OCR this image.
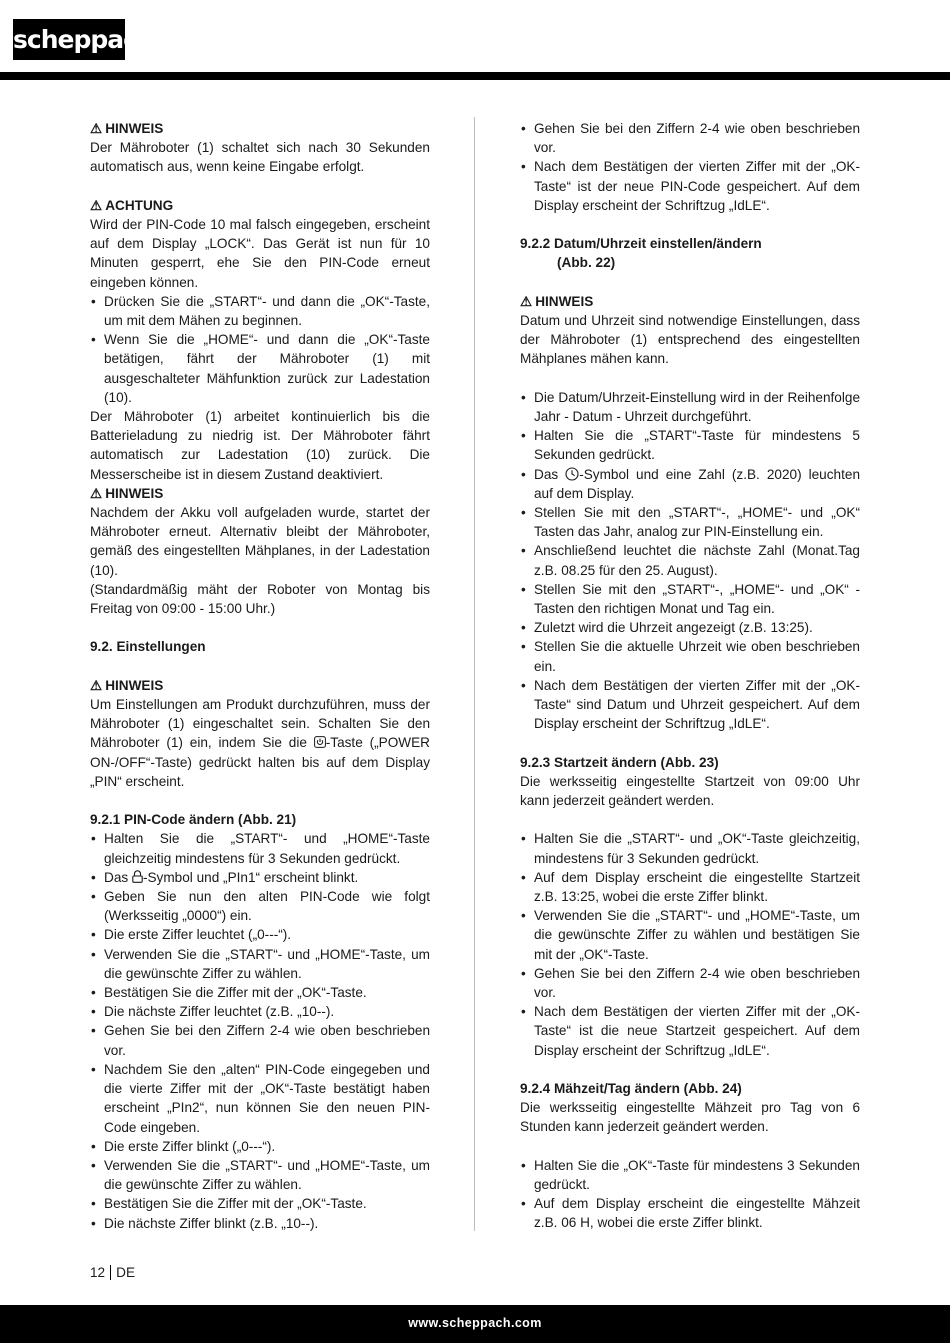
scheppach
⚠ HINWEIS

Der Mähroboter (1) schaltet sich nach 30 Sekunden automatisch aus, wenn keine Eingabe erfolgt.

⚠ ACHTUNG

Wird der PIN-Code 10 mal falsch eingegeben, erscheint auf dem Display „LOCK“. Das Gerät ist nun für 10 Minuten gesperrt, ehe Sie den PIN-Code erneut eingeben können.

• Drücken Sie die „START“- und dann die „OK“-Taste, um mit dem Mähen zu beginnen.
• Wenn Sie die „HOME“- und dann die „OK“-Taste betätigen, fährt der Mähroboter (1) mit ausgeschalteter Mähfunktion zurück zur Ladestation (10).

Der Mähroboter (1) arbeitet kontinuierlich bis die Batterieladung zu niedrig ist. Der Mähroboter fährt automatisch zur Ladestation (10) zurück. Die Messerscheibe ist in diesem Zustand deaktiviert.

⚠ HINWEIS

Nachdem der Akku voll aufgeladen wurde, startet der Mähroboter erneut. Alternativ bleibt der Mähroboter, gemäß des eingestellten Mähplanes, in der Ladestation (10).

(Standardmäßig mäht der Roboter von Montag bis Freitag von 09:00 - 15:00 Uhr.)

9.2. Einstellungen
⚠ HINWEIS

Um Einstellungen am Produkt durchzuführen, muss der Mähroboter (1) eingeschaltet sein. Schalten Sie den Mähroboter (1) ein, indem Sie die -Taste („POWER ON-/OFF“-Taste) gedrückt halten bis auf dem Display „PIN“ erscheint.

9.2.1 PIN-Code ändern (Abb. 21)
• Halten Sie die „START“- und „HOME“-Taste gleichzeitig mindestens für 3 Sekunden gedrückt.
• Das -Symbol und „PIn1“ erscheint blinkt.
• Geben Sie nun den alten PIN-Code wie folgt (Werksseitig „0000“) ein.
• Die erste Ziffer leuchtet („0---“).
• Verwenden Sie die „START“- und „HOME“-Taste, um die gewünschte Ziffer zu wählen.
• Bestätigen Sie die Ziffer mit der „OK“-Taste.
• Die nächste Ziffer leuchtet (z.B. „10--).
• Gehen Sie bei den Ziffern 2-4 wie oben beschrieben vor.
• Nachdem Sie den „alten“ PIN-Code eingegeben und die vierte Ziffer mit der „OK“-Taste bestätigt haben erscheint „PIn2“, nun können Sie den neuen PIN-Code eingeben.
• Die erste Ziffer blinkt („0---“).
• Verwenden Sie die „START“- und „HOME“-Taste, um die gewünschte Ziffer zu wählen.
• Bestätigen Sie die Ziffer mit der „OK“-Taste.
• Die nächste Ziffer blinkt (z.B. „10--).
• Gehen Sie bei den Ziffern 2-4 wie oben beschrieben vor.
• Nach dem Bestätigen der vierten Ziffer mit der „OK-Taste“ ist der neue PIN-Code gespeichert. Auf dem Display erscheint der Schriftzug „IdLE“.
9.2.2 Datum/Uhrzeit einstellen/ändern
(Abb. 22)
⚠ HINWEIS

Datum und Uhrzeit sind notwendige Einstellungen, dass der Mähroboter (1) entsprechend des eingestellten Mähplanes mähen kann.

• Die Datum/Uhrzeit-Einstellung wird in der Reihenfolge Jahr - Datum - Uhrzeit durchgeführt.
• Halten Sie die „START“-Taste für mindestens 5 Sekunden gedrückt.
• Das -Symbol und eine Zahl (z.B. 2020) leuchten auf dem Display.
• Stellen Sie mit den „START“-, „HOME“- und „OK“ Tasten das Jahr, analog zur PIN-Einstellung ein.
• Anschließend leuchtet die nächste Zahl (Monat.Tag z.B. 08.25 für den 25. August).
• Stellen Sie mit den „START“-, „HOME“- und „OK“ - Tasten den richtigen Monat und Tag ein.
• Zuletzt wird die Uhrzeit angezeigt (z.B. 13:25).
• Stellen Sie die aktuelle Uhrzeit wie oben beschrieben ein.
• Nach dem Bestätigen der vierten Ziffer mit der „OK-Taste“ sind Datum und Uhrzeit gespeichert. Auf dem Display erscheint der Schriftzug „IdLE“.
9.2.3 Startzeit ändern (Abb. 23)

Die werksseitig eingestellte Startzeit von 09:00 Uhr kann jederzeit geändert werden.

• Halten Sie die „START“- und „OK“-Taste gleichzeitig, mindestens für 3 Sekunden gedrückt.
• Auf dem Display erscheint die eingestellte Startzeit z.B. 13:25, wobei die erste Ziffer blinkt.
• Verwenden Sie die „START“- und „HOME“-Taste, um die gewünschte Ziffer zu wählen und bestätigen Sie mit der „OK“-Taste.
• Gehen Sie bei den Ziffern 2-4 wie oben beschrieben vor.
• Nach dem Bestätigen der vierten Ziffer mit der „OK-Taste“ ist die neue Startzeit gespeichert. Auf dem Display erscheint der Schriftzug „IdLE“.
9.2.4 Mähzeit/Tag ändern (Abb. 24)

Die werksseitig eingestellte Mähzeit pro Tag von 6 Stunden kann jederzeit geändert werden.

• Halten Sie die „OK“-Taste für mindestens 3 Sekunden gedrückt.
• Auf dem Display erscheint die eingestellte Mähzeit z.B. 06 H, wobei die erste Ziffer blinkt.
12 DE
www.scheppach.com
